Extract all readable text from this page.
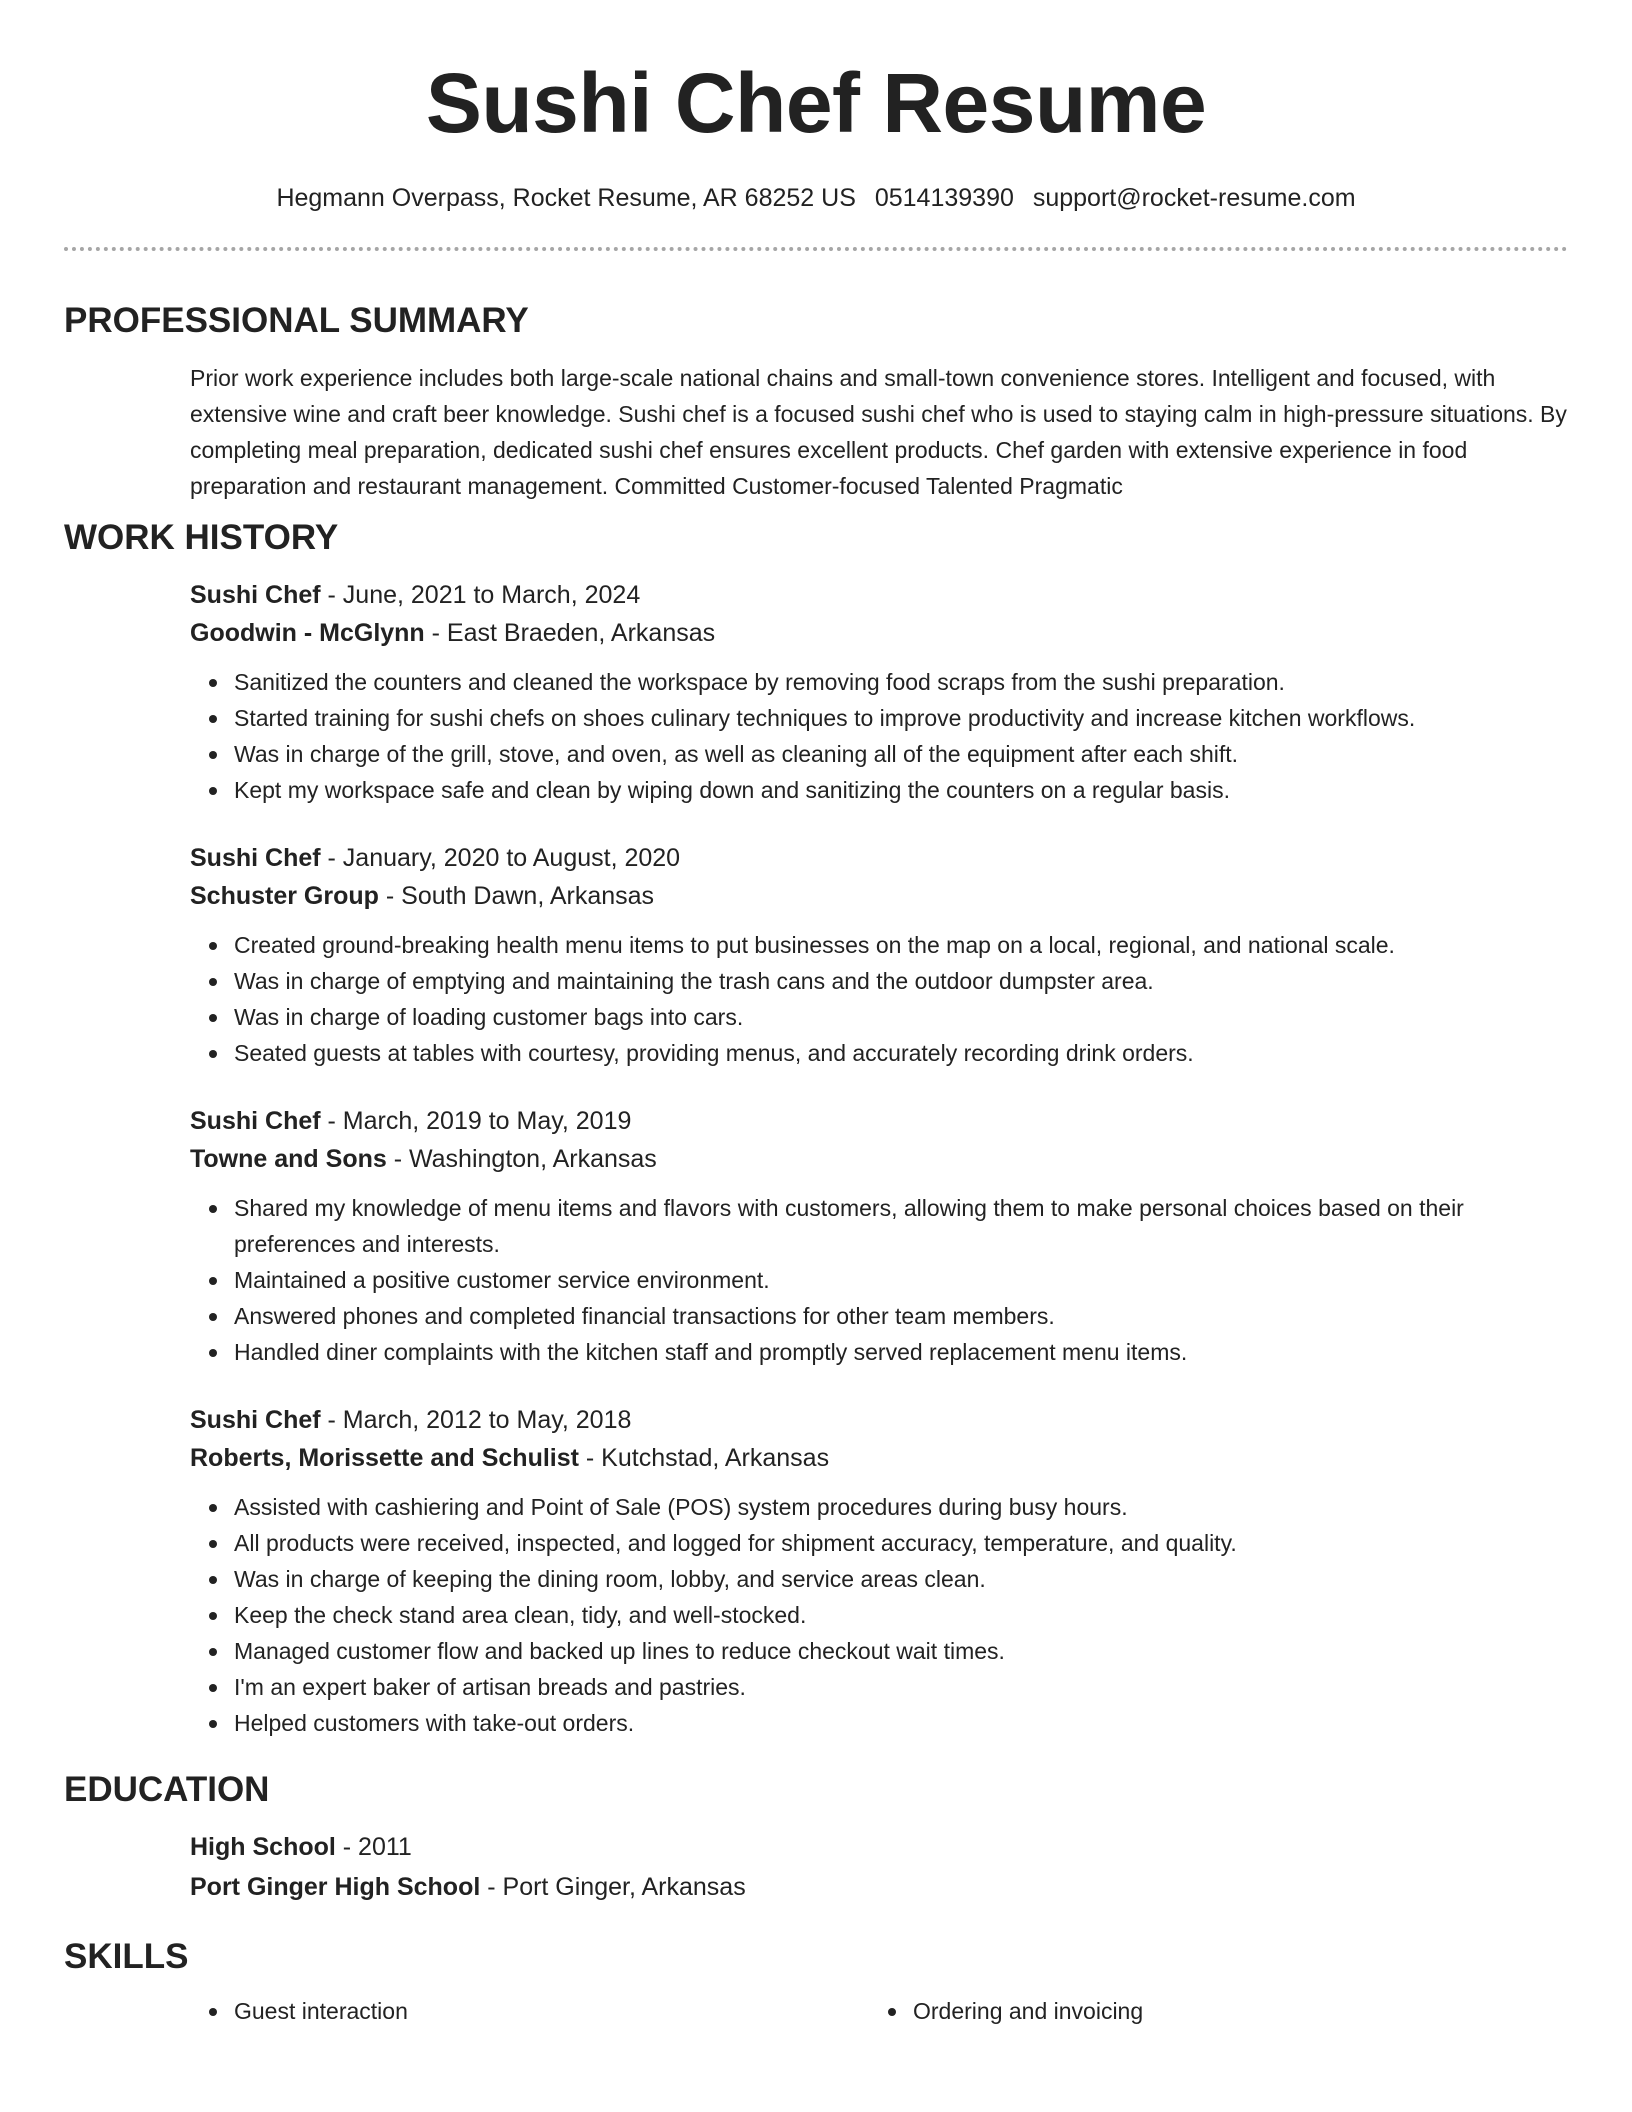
Sushi Chef Resume
Hegmann Overpass, Rocket Resume, AR 68252 US 0514139390 support@rocket-resume.com
PROFESSIONAL SUMMARY
Prior work experience includes both large-scale national chains and small-town convenience stores. Intelligent and focused, with extensive wine and craft beer knowledge. Sushi chef is a focused sushi chef who is used to staying calm in high-pressure situations. By completing meal preparation, dedicated sushi chef ensures excellent products. Chef garden with extensive experience in food preparation and restaurant management. Committed Customer-focused Talented Pragmatic
WORK HISTORY
Sushi Chef - June, 2021 to March, 2024
Goodwin - McGlynn - East Braeden, Arkansas
Sanitized the counters and cleaned the workspace by removing food scraps from the sushi preparation.
Started training for sushi chefs on shoes culinary techniques to improve productivity and increase kitchen workflows.
Was in charge of the grill, stove, and oven, as well as cleaning all of the equipment after each shift.
Kept my workspace safe and clean by wiping down and sanitizing the counters on a regular basis.
Sushi Chef - January, 2020 to August, 2020
Schuster Group - South Dawn, Arkansas
Created ground-breaking health menu items to put businesses on the map on a local, regional, and national scale.
Was in charge of emptying and maintaining the trash cans and the outdoor dumpster area.
Was in charge of loading customer bags into cars.
Seated guests at tables with courtesy, providing menus, and accurately recording drink orders.
Sushi Chef - March, 2019 to May, 2019
Towne and Sons - Washington, Arkansas
Shared my knowledge of menu items and flavors with customers, allowing them to make personal choices based on their preferences and interests.
Maintained a positive customer service environment.
Answered phones and completed financial transactions for other team members.
Handled diner complaints with the kitchen staff and promptly served replacement menu items.
Sushi Chef - March, 2012 to May, 2018
Roberts, Morissette and Schulist - Kutchstad, Arkansas
Assisted with cashiering and Point of Sale (POS) system procedures during busy hours.
All products were received, inspected, and logged for shipment accuracy, temperature, and quality.
Was in charge of keeping the dining room, lobby, and service areas clean.
Keep the check stand area clean, tidy, and well-stocked.
Managed customer flow and backed up lines to reduce checkout wait times.
I'm an expert baker of artisan breads and pastries.
Helped customers with take-out orders.
EDUCATION
High School - 2011
Port Ginger High School - Port Ginger, Arkansas
SKILLS
Guest interaction	Ordering and invoicing
